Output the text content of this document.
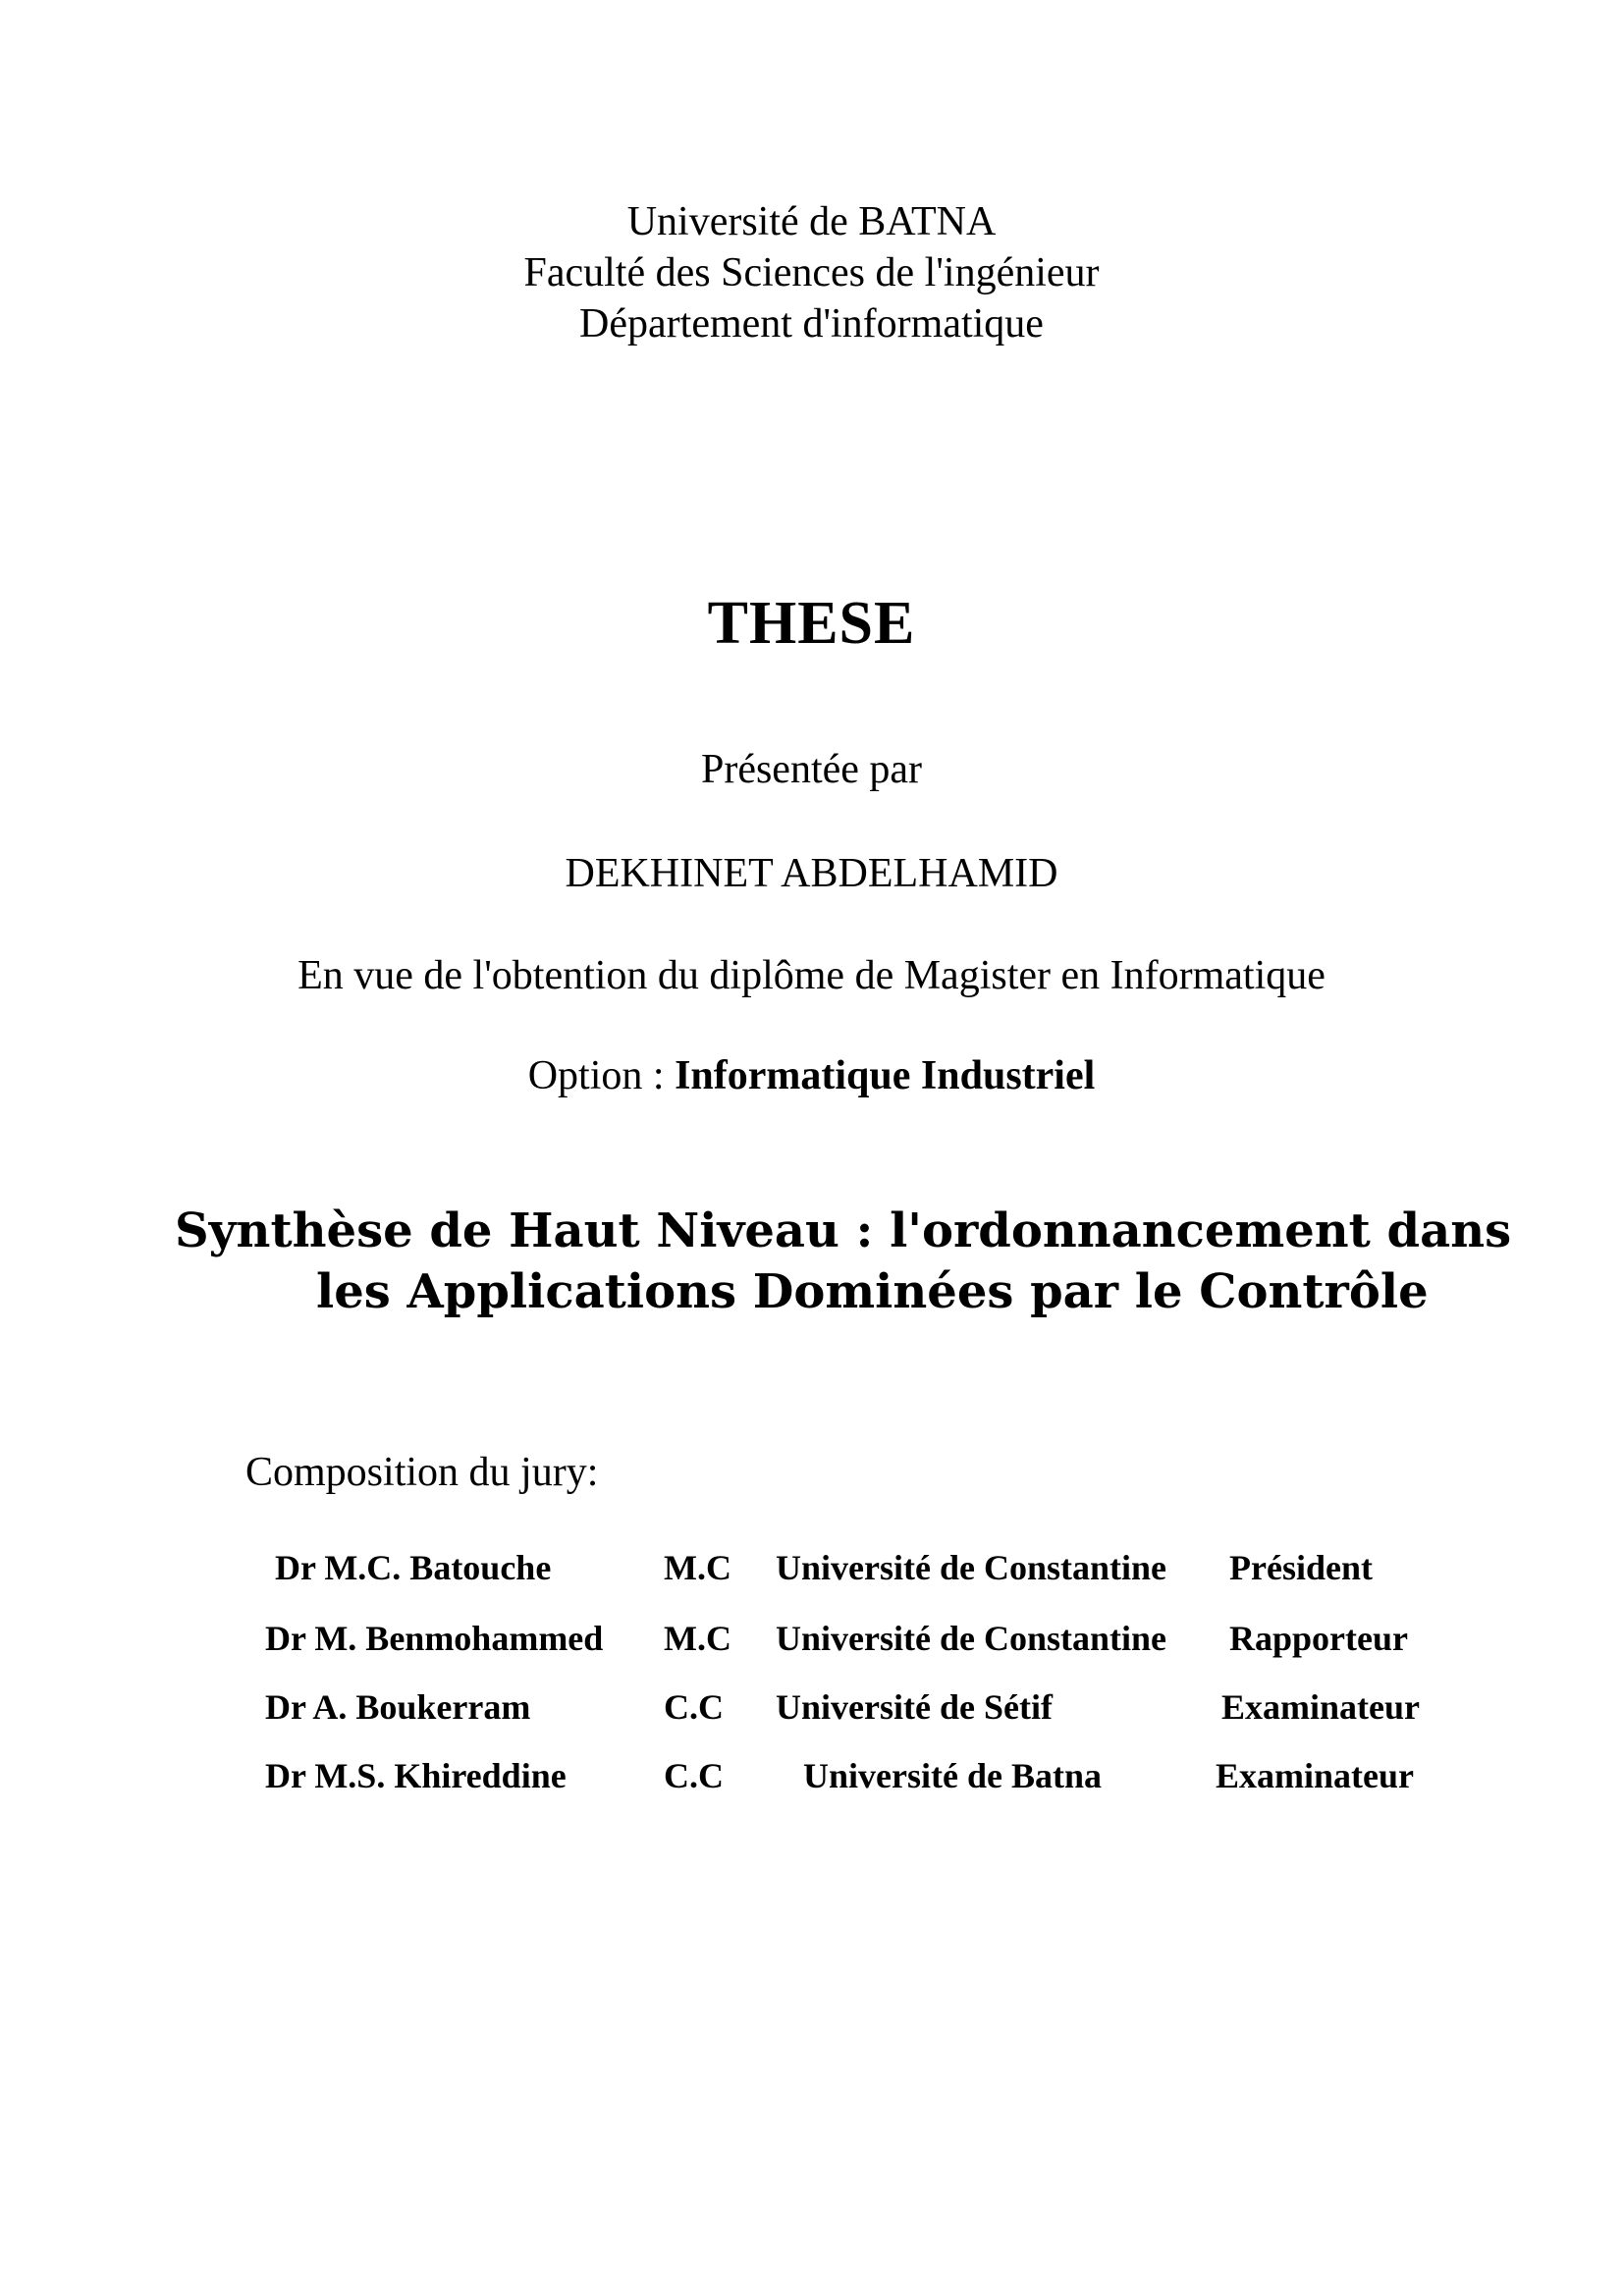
Université de BATNA
Faculté des Sciences de l'ingénieur
Département d'informatique
THESE
Présentée par
DEKHINET ABDELHAMID
En vue de l'obtention du diplôme de Magister en Informatique
Option : Informatique Industriel
Synthèse de Haut Niveau : l'ordonnancement dans
les Applications Dominées par le Contrôle
Composition du jury:
Dr M.C. Batouche	M.C Université de Constantine Président
Dr M. Benmohammed M.C Université de Constantine Rapporteur
Dr A. Boukerram	C.C Université de Sétif	Examinateur
Dr M.S. Khireddine	C.C Université de Batna	Examinateur
